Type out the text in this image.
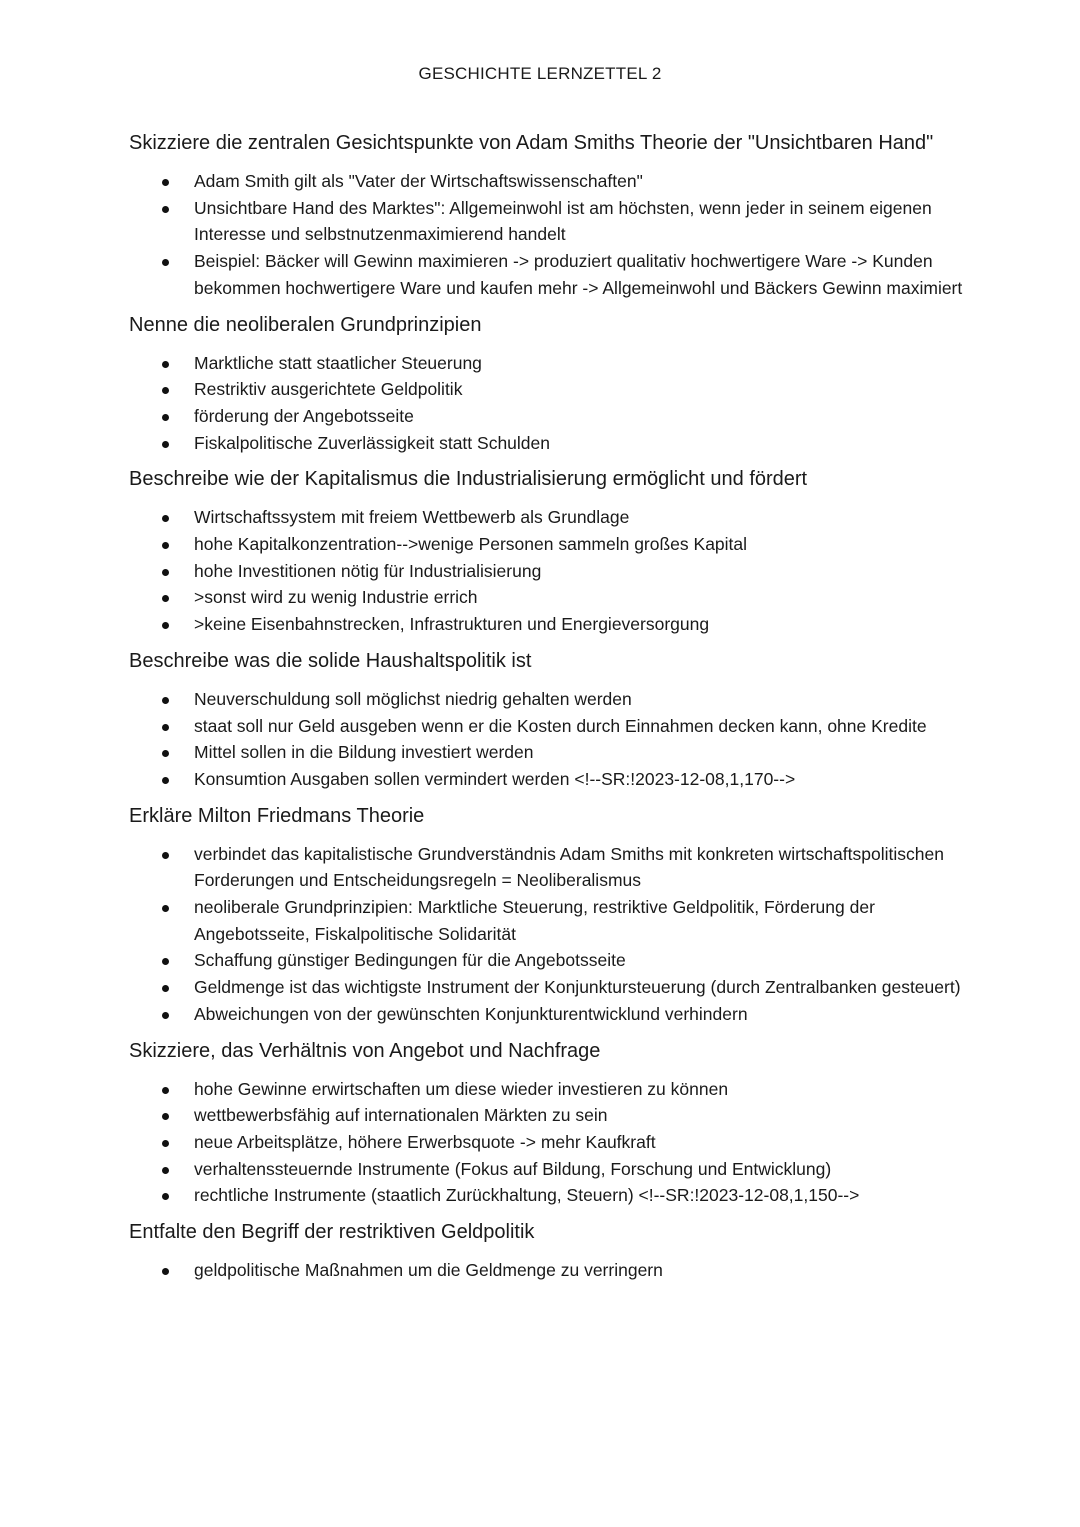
GESCHICHTE LERNZETTEL 2

Skizziere die zentralen Gesichtspunkte von Adam Smiths Theorie der "Unsichtbaren Hand"

Adam Smith gilt als "Vater der Wirtschaftswissenschaften"
Unsichtbare Hand des Marktes": Allgemeinwohl ist am höchsten, wenn jeder in seinem eigenen Interesse und selbstnutzenmaximierend handelt
Beispiel: Bäcker will Gewinn maximieren -> produziert qualitativ hochwertigere Ware -> Kunden bekommen hochwertigere Ware und kaufen mehr -> Allgemeinwohl und Bäckers Gewinn maximiert

Nenne die neoliberalen Grundprinzipien

Marktliche statt staatlicher Steuerung
Restriktiv ausgerichtete Geldpolitik
förderung der Angebotsseite
Fiskalpolitische Zuverlässigkeit statt Schulden

Beschreibe wie der Kapitalismus die Industrialisierung ermöglicht und fördert

Wirtschaftssystem mit freiem Wettbewerb als Grundlage
hohe Kapitalkonzentration-->wenige Personen sammeln großes Kapital
hohe Investitionen nötig für Industrialisierung
>sonst wird zu wenig Industrie errich
>keine Eisenbahnstrecken, Infrastrukturen und Energieversorgung

Beschreibe was die solide Haushaltspolitik ist

Neuverschuldung soll möglichst niedrig gehalten werden
staat soll nur Geld ausgeben wenn er die Kosten durch Einnahmen decken kann, ohne Kredite
Mittel sollen in die Bildung investiert werden
Konsumtion Ausgaben sollen vermindert werden <!--SR:!2023-12-08,1,170-->

Erkläre Milton Friedmans Theorie

verbindet das kapitalistische Grundverständnis Adam Smiths mit konkreten wirtschaftspolitischen Forderungen und Entscheidungsregeln = Neoliberalismus
neoliberale Grundprinzipien: Marktliche Steuerung, restriktive Geldpolitik, Förderung der Angebotsseite, Fiskalpolitische Solidarität
Schaffung günstiger Bedingungen für die Angebotsseite
Geldmenge ist das wichtigste Instrument der Konjunktursteuerung (durch Zentralbanken gesteuert)
Abweichungen von der gewünschten Konjunkturentwicklund verhindern

Skizziere, das Verhältnis von Angebot und Nachfrage

hohe Gewinne erwirtschaften um diese wieder investieren zu können
wettbewerbsfähig auf internationalen Märkten zu sein
neue Arbeitsplätze, höhere Erwerbsquote -> mehr Kaufkraft
verhaltenssteuernde Instrumente (Fokus auf Bildung, Forschung und Entwicklung)
rechtliche Instrumente (staatlich Zurückhaltung, Steuern) <!--SR:!2023-12-08,1,150-->

Entfalte den Begriff der restriktiven Geldpolitik

geldpolitische Maßnahmen um die Geldmenge zu verringern
